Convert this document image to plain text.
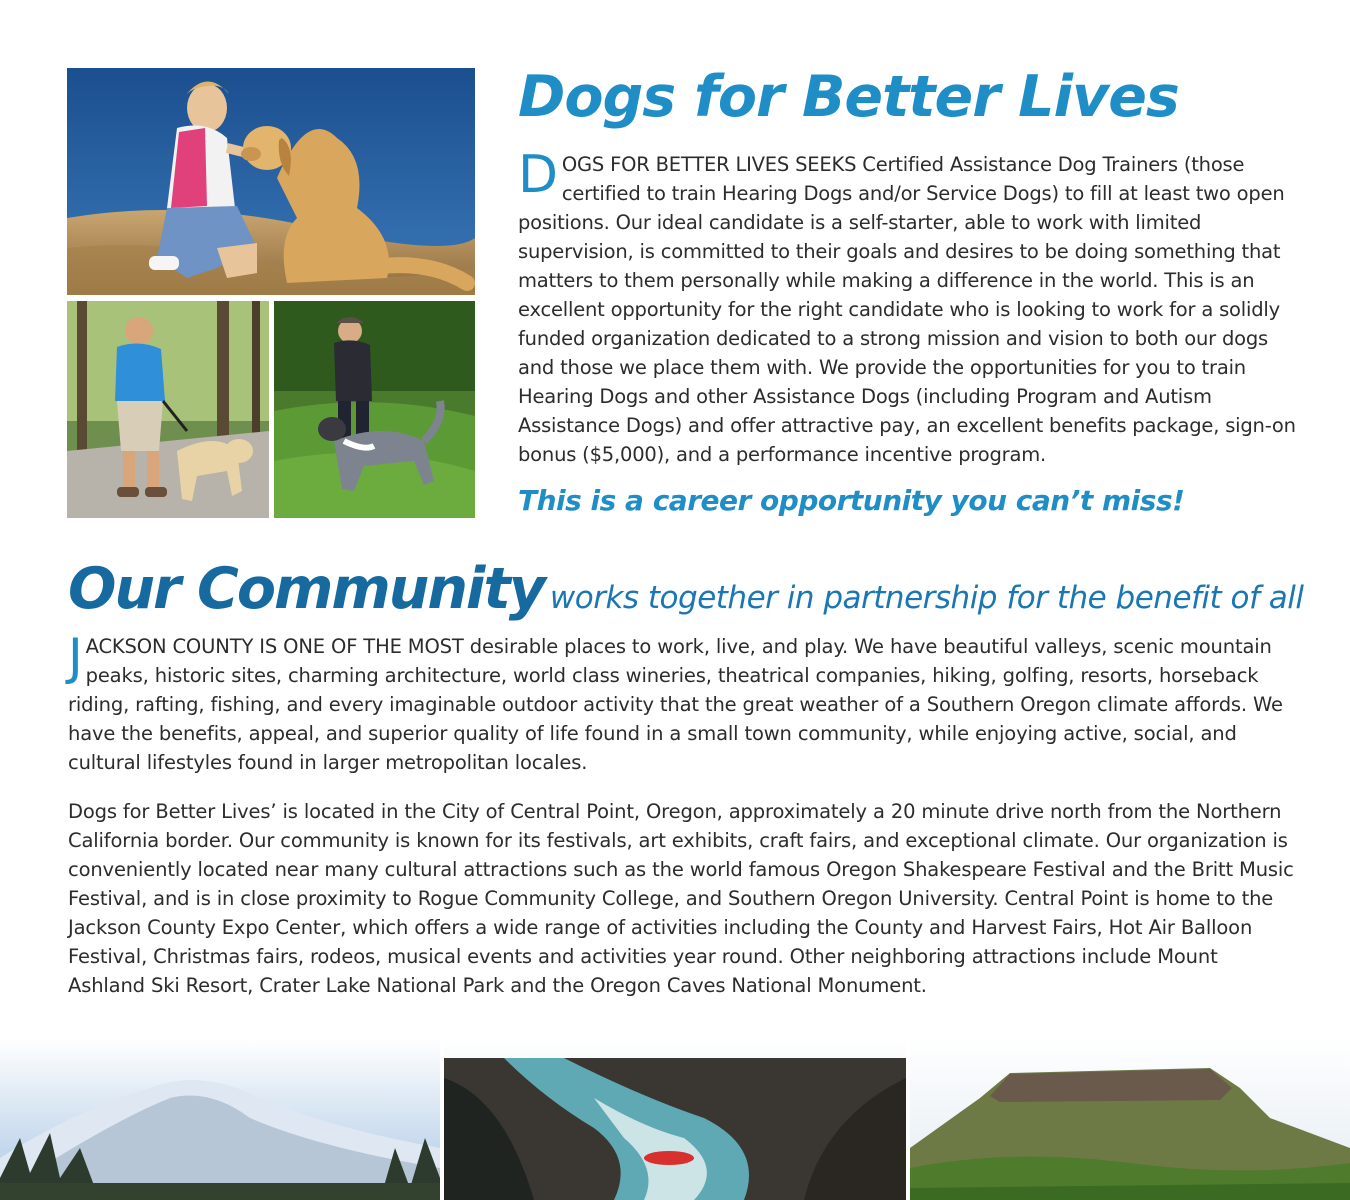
Dogs for Better Lives

DOGS FOR BETTER LIVES SEEKS Certified Assistance Dog Trainers (those certified to train Hearing Dogs and/or Service Dogs) to fill at least two open positions. Our ideal candidate is a self-starter, able to work with limited supervision, is committed to their goals and desires to be doing something that matters to them personally while making a difference in the world. This is an excellent opportunity for the right candidate who is looking to work for a solidly funded organization dedicated to a strong mission and vision to both our dogs and those we place them with. We provide the opportunities for you to train Hearing Dogs and other Assistance Dogs (including Program and Autism Assistance Dogs) and offer attractive pay, an excellent benefits package, sign-on bonus ($5,000), and a performance incentive program.

This is a career opportunity you can’t miss!

Our Community works together in partnership for the benefit of all

JACKSON COUNTY IS ONE OF THE MOST desirable places to work, live, and play. We have beautiful valleys, scenic mountain peaks, historic sites, charming architecture, world class wineries, theatrical companies, hiking, golfing, resorts, horseback riding, rafting, fishing, and every imaginable outdoor activity that the great weather of a Southern Oregon climate affords. We have the benefits, appeal, and superior quality of life found in a small town community, while enjoying active, social, and cultural lifestyles found in larger metropolitan locales.

Dogs for Better Lives’ is located in the City of Central Point, Oregon, approximately a 20 minute drive north from the Northern California border. Our community is known for its festivals, art exhibits, craft fairs, and exceptional climate. Our organization is conveniently located near many cultural attractions such as the world famous Oregon Shakespeare Festival and the Britt Music Festival, and is in close proximity to Rogue Community College, and Southern Oregon University. Central Point is home to the Jackson County Expo Center, which offers a wide range of activities including the County and Harvest Fairs, Hot Air Balloon Festival, Christmas fairs, rodeos, musical events and activities year round. Other neighboring attractions include Mount Ashland Ski Resort, Crater Lake National Park and the Oregon Caves National Monument.
